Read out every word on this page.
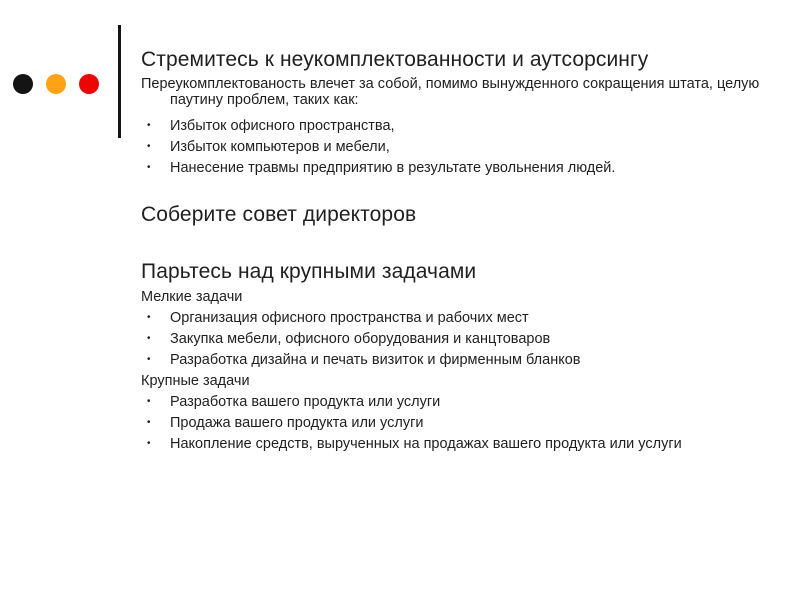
Стремитесь к неукомплектованности и аутсорсингу

Переукомплектованость влечет за собой, помимо вынужденного сокращения штата, целую паутину проблем, таких как:

• Избыток офисного пространства,
• Избыток компьютеров и мебели,
• Нанесение травмы предприятию в результате увольнения людей.
Соберите совет директоров
Парьтесь над крупными задачами
Мелкие задачи
• Организация офисного пространства и рабочих мест
• Закупка мебели, офисного оборудования и канцтоваров
• Разработка дизайна и печать визиток и фирменным бланков
Крупные задачи
• Разработка вашего продукта или услуги
• Продажа вашего продукта или услуги
• Накопление средств, вырученных на продажах вашего продукта или услуги
